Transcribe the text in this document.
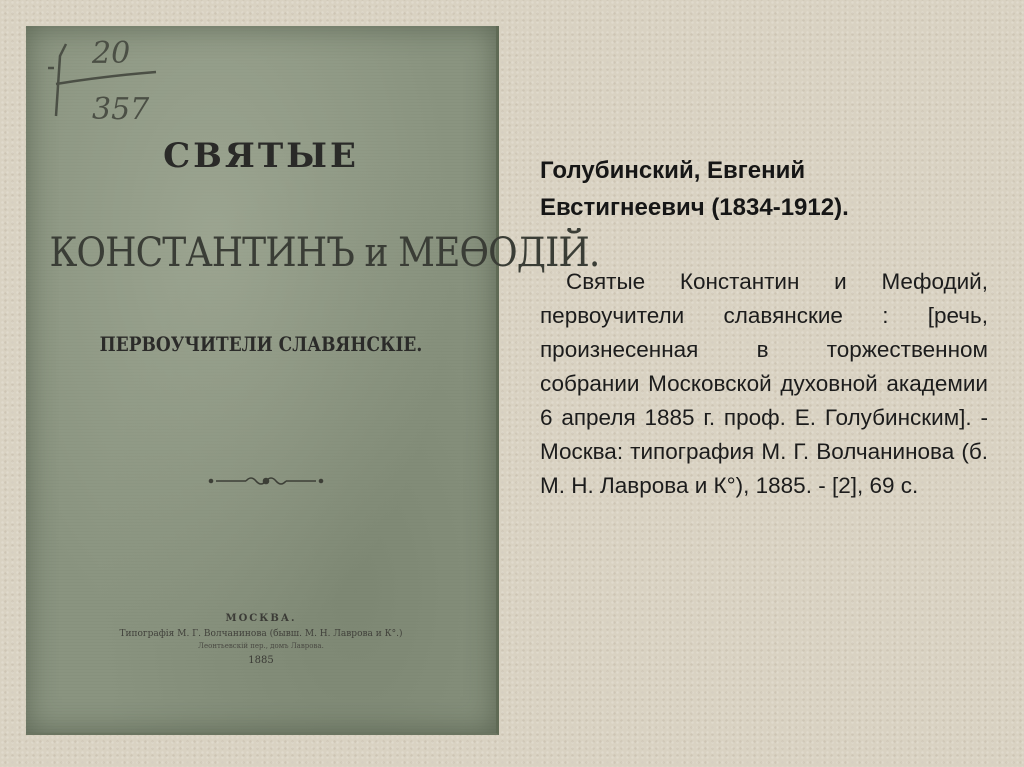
20
357
СВЯТЫЕ
КОНСТАНТИНЪ и МЕѲОДІЙ.
ПЕРВОУЧИТЕЛИ СЛАВЯНСКІЕ.
МОСКВА.
Типографія М. Г. Волчанинова (бывш. М. Н. Лаврова и К°.)
Леонтьевскій пер., домъ Лаврова.
1885
Голубинский, Евгений
Евстигнеевич (1834-1912).
Святые Константин и Мефодий, первоучители славянские : [речь, произнесенная в торжественном собрании Московской духовной академии 6 апреля 1885 г. проф. Е. Голубинским]. - Москва: типография М. Г. Волчанинова (б. М. Н. Лаврова и К°), 1885. - [2], 69 с.
